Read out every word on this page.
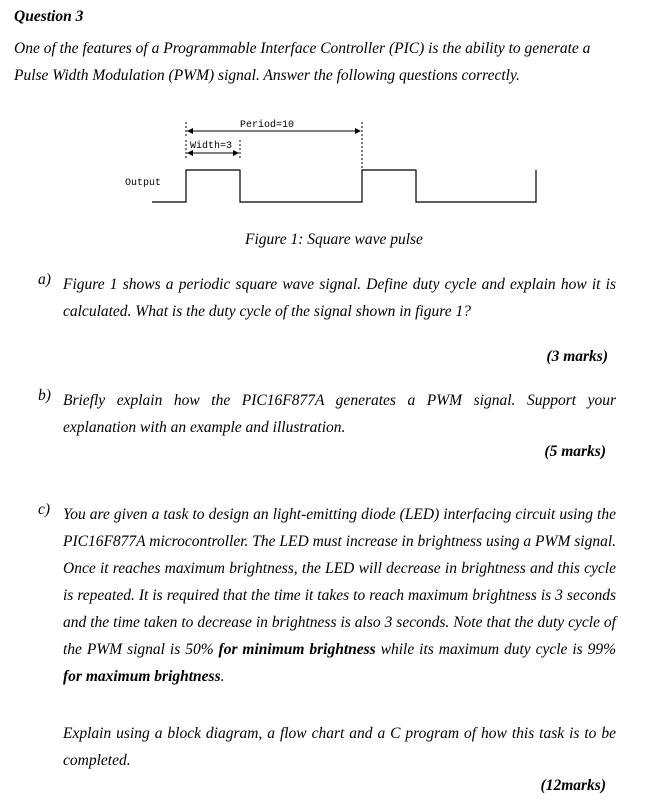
Question 3
One of the features of a Programmable Interface Controller (PIC) is the ability to generate a
Pulse Width Modulation (PWM) signal. Answer the following questions correctly.
Period=10
Width=3
Output
Figure 1: Square wave pulse
a) Figure 1 shows a periodic square wave signal. Define duty cycle and explain how it is calculated. What is the duty cycle of the signal shown in figure 1?
(3 marks)
b) Briefly explain how the PIC16F877A generates a PWM signal. Support your explanation with an example and illustration.
(5 marks)
c) You are given a task to design an light-emitting diode (LED) interfacing circuit using the PIC16F877A microcontroller. The LED must increase in brightness using a PWM signal. Once it reaches maximum brightness, the LED will decrease in brightness and this cycle is repeated. It is required that the time it takes to reach maximum brightness is 3 seconds and the time taken to decrease in brightness is also 3 seconds. Note that the duty cycle of the PWM signal is 50% for minimum brightness while its maximum duty cycle is 99% for maximum brightness.

Explain using a block diagram, a flow chart and a C program of how this task is to be completed.
(12marks)
